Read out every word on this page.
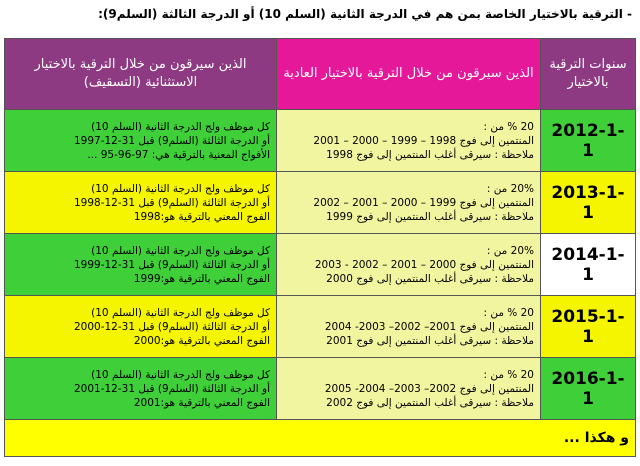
- الترقية بالاختيار الخاصة بمن هم في الدرجة الثانية (السلم 10) أو الدرجة الثالثة (السلم9):
سنوات الترقية بالاختيار	الذين سيرقون من خلال الترقية بالاختيار العادية	الذين سيرقون من خلال الترقية بالاختيار الاستثنائية (التسقيف)
2012-1-1	20 % من :
المنتمين إلى فوج 1998 – 1999 – 2000 – 2001
ملاحظة : سيرقى أغلب المنتمين إلى فوج 1998	كل موظف ولج الدرجة الثانية (السلم 10)
أو الدرجة الثالثة (السلم9) قبل 31-12-1997
الأفواج المعنية بالترقية هي: 97-96-95 ...

2013-1-1	20% من :
المنتمين إلى فوج 1999 – 2000 – 2001 – 2002
ملاحظة : سيرقى أغلب المنتمين إلى فوج 1999	كل موظف ولج الدرجة الثانية (السلم 10)
أو الدرجة الثالثة (السلم9) قبل 31-12-1998
الفوج المعني بالترقية هو:1998

2014-1-1	20% من :
المنتمين إلى فوج 2000 – 2001 – 2002 - 2003
ملاحظة : سيرقى أغلب المنتمين إلى فوج 2000	كل موظف ولج الدرجة الثانية (السلم 10)
أو الدرجة الثالثة (السلم9) قبل 31-12-1999
الفوج المعني بالترقية هو:1999

2015-1-1	20 % من :
المنتمين إلى فوج 2001– 2002– 2003- 2004
ملاحظة : سيرقى أغلب المنتمين إلى فوج 2001	كل موظف ولج الدرجة الثانية (السلم 10)
أو الدرجة الثالثة (السلم9) قبل 31-12-2000
الفوج المعني بالترقية هو:2000

2016-1-1	20 % من :
المنتمين إلى فوج 2002– 2003– 2004- 2005
ملاحظة : سيرقى أغلب المنتمين إلى فوج 2002	كل موظف ولج الدرجة الثانية (السلم 10)
أو الدرجة الثالثة (السلم9) قبل 31-12-2001
الفوج المعني بالترقية هو:2001

و هكذا ...		
